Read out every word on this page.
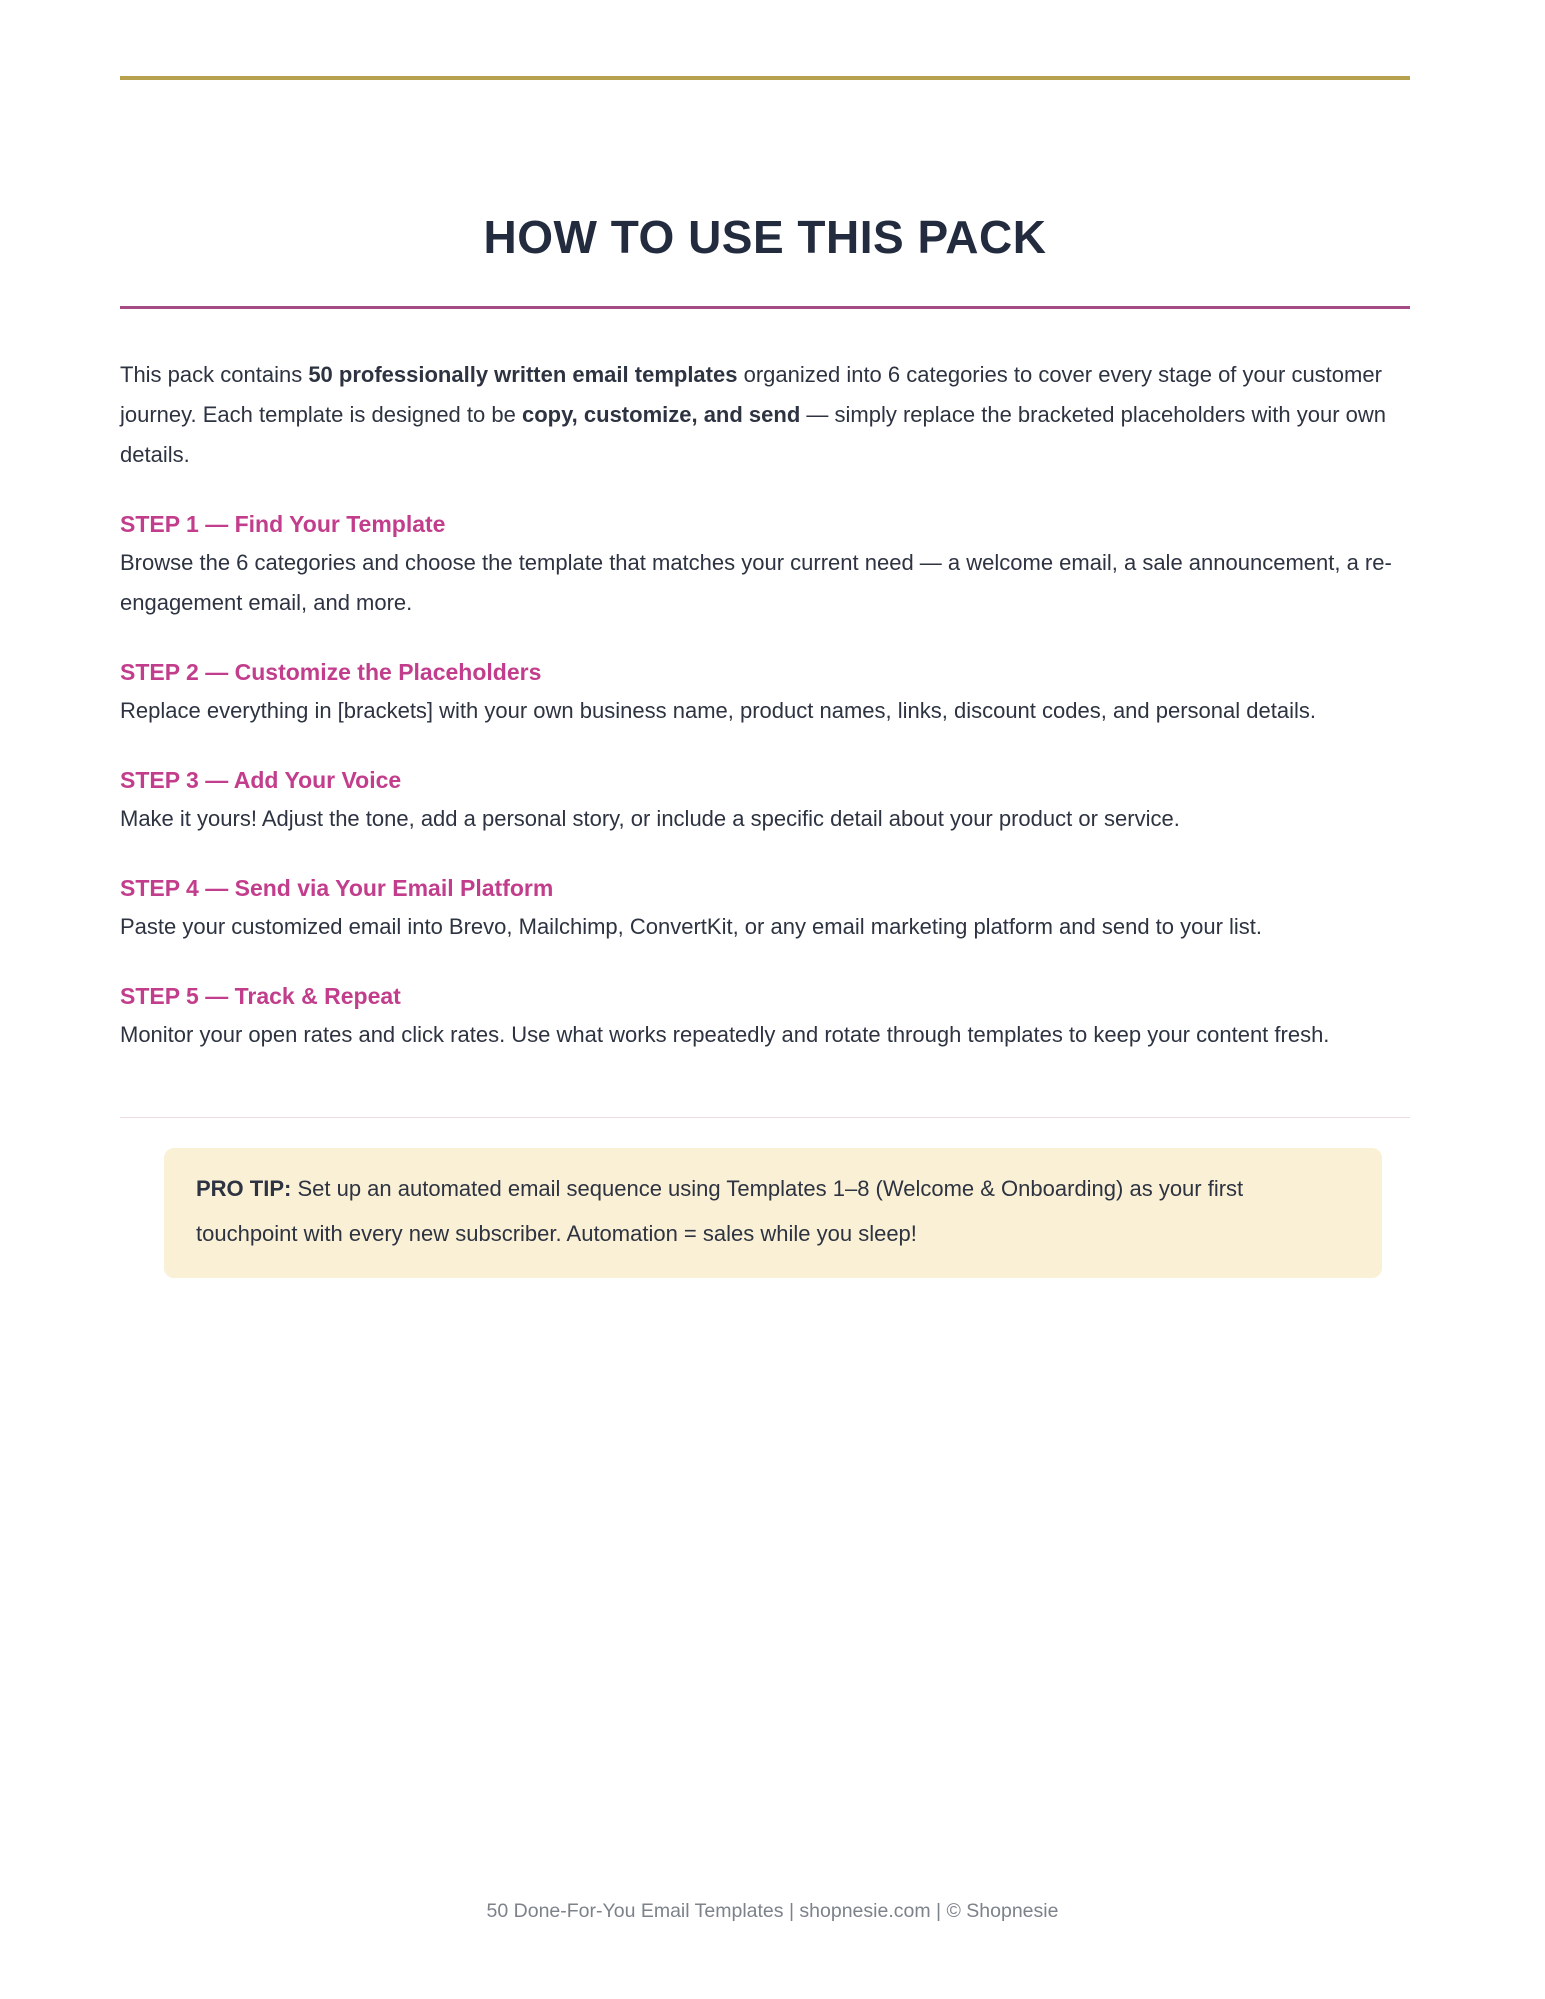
HOW TO USE THIS PACK

This pack contains 50 professionally written email templates organized into 6 categories to cover every stage of your customer journey. Each template is designed to be copy, customize, and send — simply replace the bracketed placeholders with your own details.

STEP 1 — Find Your Template

Browse the 6 categories and choose the template that matches your current need — a welcome email, a sale announcement, a re-engagement email, and more.

STEP 2 — Customize the Placeholders

Replace everything in [brackets] with your own business name, product names, links, discount codes, and personal details.

STEP 3 — Add Your Voice

Make it yours! Adjust the tone, add a personal story, or include a specific detail about your product or service.

STEP 4 — Send via Your Email Platform

Paste your customized email into Brevo, Mailchimp, ConvertKit, or any email marketing platform and send to your list.

STEP 5 — Track & Repeat

Monitor your open rates and click rates. Use what works repeatedly and rotate through templates to keep your content fresh.

PRO TIP: Set up an automated email sequence using Templates 1–8 (Welcome & Onboarding) as your first touchpoint with every new subscriber. Automation = sales while you sleep!
50 Done-For-You Email Templates | shopnesie.com | © Shopnesie
